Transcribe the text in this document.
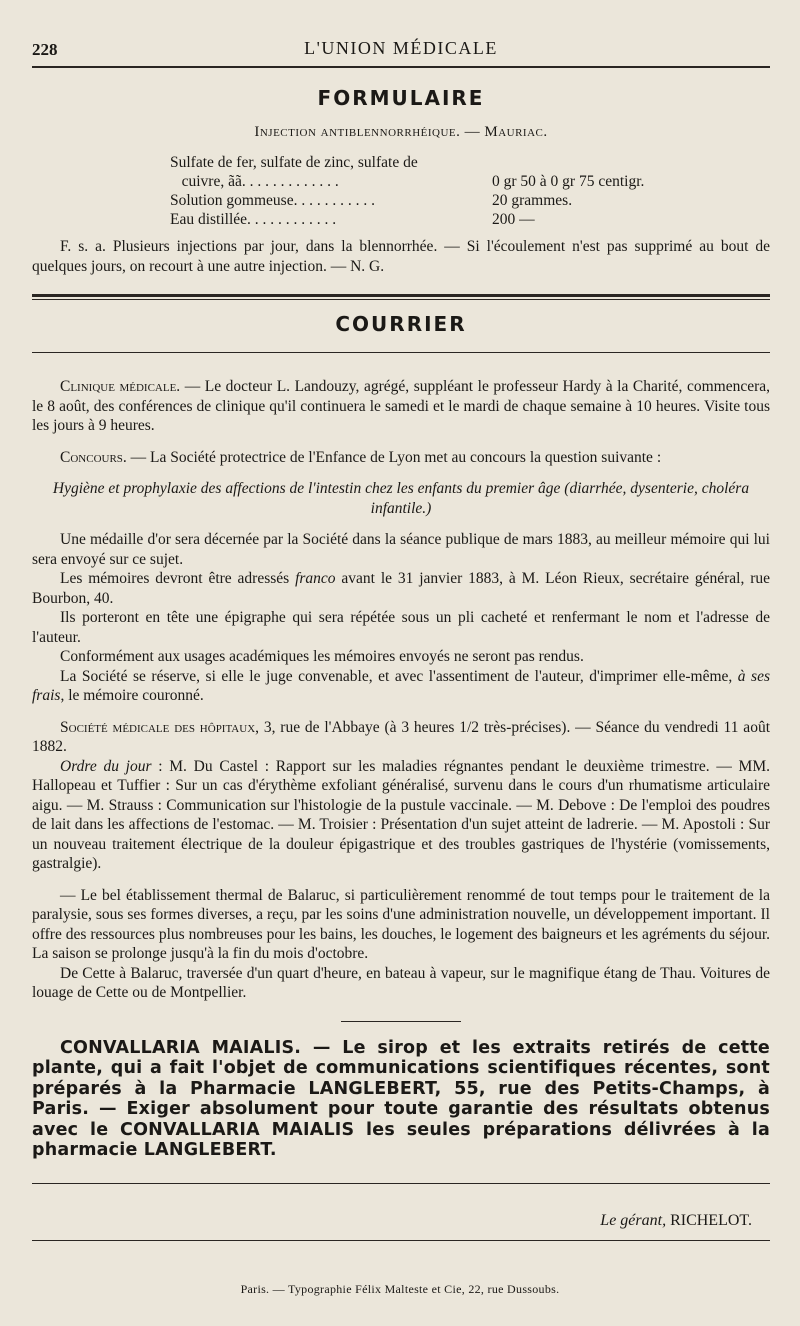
228	L'UNION MÉDICALE
FORMULAIRE
Injection antiblennorrhéique. — Mauriac.
Sulfate de fer, sulfate de zinc, sulfate de
cuivre, ãã. . . . . . . . . . . . .	0 gr 50 à 0 gr 75 centigr.
Solution gommeuse. . . . . . . . . . .	20 grammes.
Eau distillée. . . . . . . . . . . .	200 —

F. s. a. Plusieurs injections par jour, dans la blennorrhée. — Si l'écoulement n'est pas supprimé au bout de quelques jours, on recourt à une autre injection. — N. G.

COURRIER

Clinique médicale. — Le docteur L. Landouzy, agrégé, suppléant le professeur Hardy à la Charité, commencera, le 8 août, des conférences de clinique qu'il continuera le samedi et le mardi de chaque semaine à 10 heures. Visite tous les jours à 9 heures.

Concours. — La Société protectrice de l'Enfance de Lyon met au concours la question suivante :

Hygiène et prophylaxie des affections de l'intestin chez les enfants du premier âge (diarrhée, dysenterie, choléra infantile.)

Une médaille d'or sera décernée par la Société dans la séance publique de mars 1883, au meilleur mémoire qui lui sera envoyé sur ce sujet.

Les mémoires devront être adressés franco avant le 31 janvier 1883, à M. Léon Rieux, secrétaire général, rue Bourbon, 40.

Ils porteront en tête une épigraphe qui sera répétée sous un pli cacheté et renfermant le nom et l'adresse de l'auteur.

Conformément aux usages académiques les mémoires envoyés ne seront pas rendus.

La Société se réserve, si elle le juge convenable, et avec l'assentiment de l'auteur, d'imprimer elle-même, à ses frais, le mémoire couronné.

Société médicale des hôpitaux, 3, rue de l'Abbaye (à 3 heures 1/2 très-précises). — Séance du vendredi 11 août 1882.

Ordre du jour : M. Du Castel : Rapport sur les maladies régnantes pendant le deuxième trimestre. — MM. Hallopeau et Tuffier : Sur un cas d'érythème exfoliant généralisé, survenu dans le cours d'un rhumatisme articulaire aigu. — M. Strauss : Communication sur l'histologie de la pustule vaccinale. — M. Debove : De l'emploi des poudres de lait dans les affections de l'estomac. — M. Troisier : Présentation d'un sujet atteint de ladrerie. — M. Apostoli : Sur un nouveau traitement électrique de la douleur épigastrique et des troubles gastriques de l'hystérie (vomissements, gastralgie).

— Le bel établissement thermal de Balaruc, si particulièrement renommé de tout temps pour le traitement de la paralysie, sous ses formes diverses, a reçu, par les soins d'une administration nouvelle, un développement important. Il offre des ressources plus nombreuses pour les bains, les douches, le logement des baigneurs et les agréments du séjour. La saison se prolonge jusqu'à la fin du mois d'octobre.

De Cette à Balaruc, traversée d'un quart d'heure, en bateau à vapeur, sur le magnifique étang de Thau. Voitures de louage de Cette ou de Montpellier.

CONVALLARIA MAIALIS. — Le sirop et les extraits retirés de cette plante, qui a fait l'objet de communications scientifiques récentes, sont préparés à la Pharmacie LANGLEBERT, 55, rue des Petits-Champs, à Paris. — Exiger absolument pour toute garantie des résultats obtenus avec le CONVALLARIA MAIALIS les seules préparations délivrées à la pharmacie LANGLEBERT.

Le gérant, RICHELOT.
Paris. — Typographie Félix Malteste et Cie, 22, rue Dussoubs.
